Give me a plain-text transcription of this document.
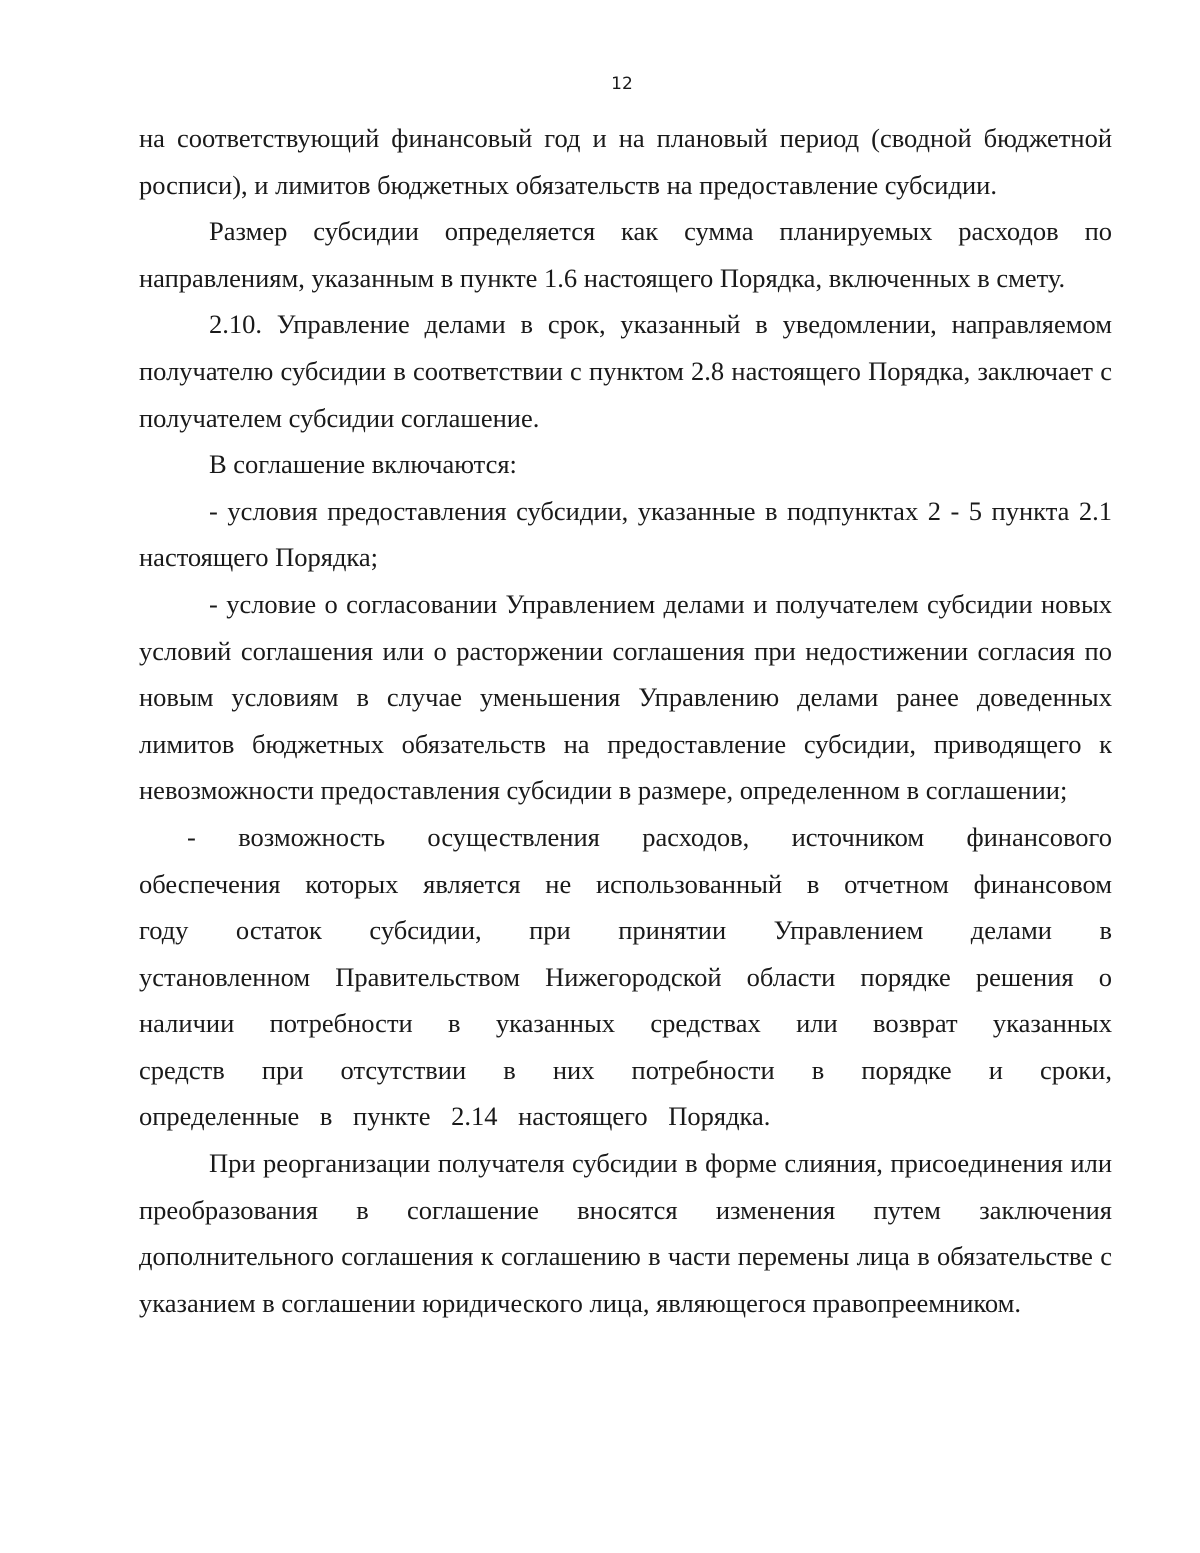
12

на соответствующий финансовый год и на плановый период (сводной бюджетной росписи), и лимитов бюджетных обязательств на предоставление субсидии.

Размер субсидии определяется как сумма планируемых расходов по направлениям, указанным в пункте 1.6 настоящего Порядка, включенных в смету.

2.10. Управление делами в срок, указанный в уведомлении, направляемом получателю субсидии в соответствии с пунктом 2.8 настоящего Порядка, заключает с получателем субсидии соглашение.

В соглашение включаются:

- условия предоставления субсидии, указанные в подпунктах 2 - 5 пункта 2.1 настоящего Порядка;

- условие о согласовании Управлением делами и получателем субсидии новых условий соглашения или о расторжении соглашения при недостижении согласия по новым условиям в случае уменьшения Управлению делами ранее доведенных лимитов бюджетных обязательств на предоставление субсидии, приводящего к невозможности предоставления субсидии в размере, определенном в соглашении;

- возможность осуществления расходов, источником финансового обеспечения которых является не использованный в отчетном финансовом году остаток субсидии, при принятии Управлением делами в установленном Правительством Нижегородской области порядке решения о наличии потребности в указанных средствах или возврат указанных средств при отсутствии в них потребности в порядке и сроки, определенные в пункте 2.14 настоящего Порядка.

При реорганизации получателя субсидии в форме слияния, присоединения или преобразования в соглашение вносятся изменения путем заключения дополнительного соглашения к соглашению в части перемены лица в обязательстве с указанием в соглашении юридического лица, являющегося правопреемником.
